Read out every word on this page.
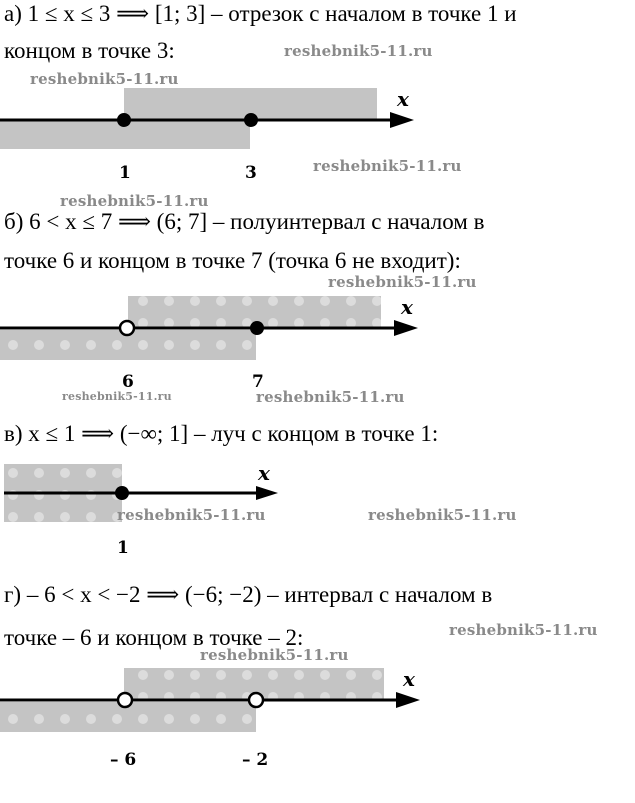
а) 1 ≤ x ≤ 3 ⟹ [1; 3] – отрезок с началом в точке 1 и
концом в точке 3:	reshebnik5-11.ru
reshebnik5-11.ru
x
1	3	reshebnik5-11.ru
reshebnik5-11.ru
б) 6 < x ≤ 7 ⟹ (6; 7] – полуинтервал с началом в
точке 6 и концом в точке 7 (точка 6 не входит):
reshebnik5-11.ru
x
6	7
reshebnik5-11.ru	reshebnik5-11.ru
в) x ≤ 1 ⟹ (−∞; 1] – луч с концом в точке 1:
x
1
reshebnik5-11.ru	reshebnik5-11.ru
г) – 6 < x < −2 ⟹ (−6; −2) – интервал с началом в
точке – 6 и концом в точке – 2:	reshebnik5-11.ru
reshebnik5-11.ru
x
– 6	– 2
